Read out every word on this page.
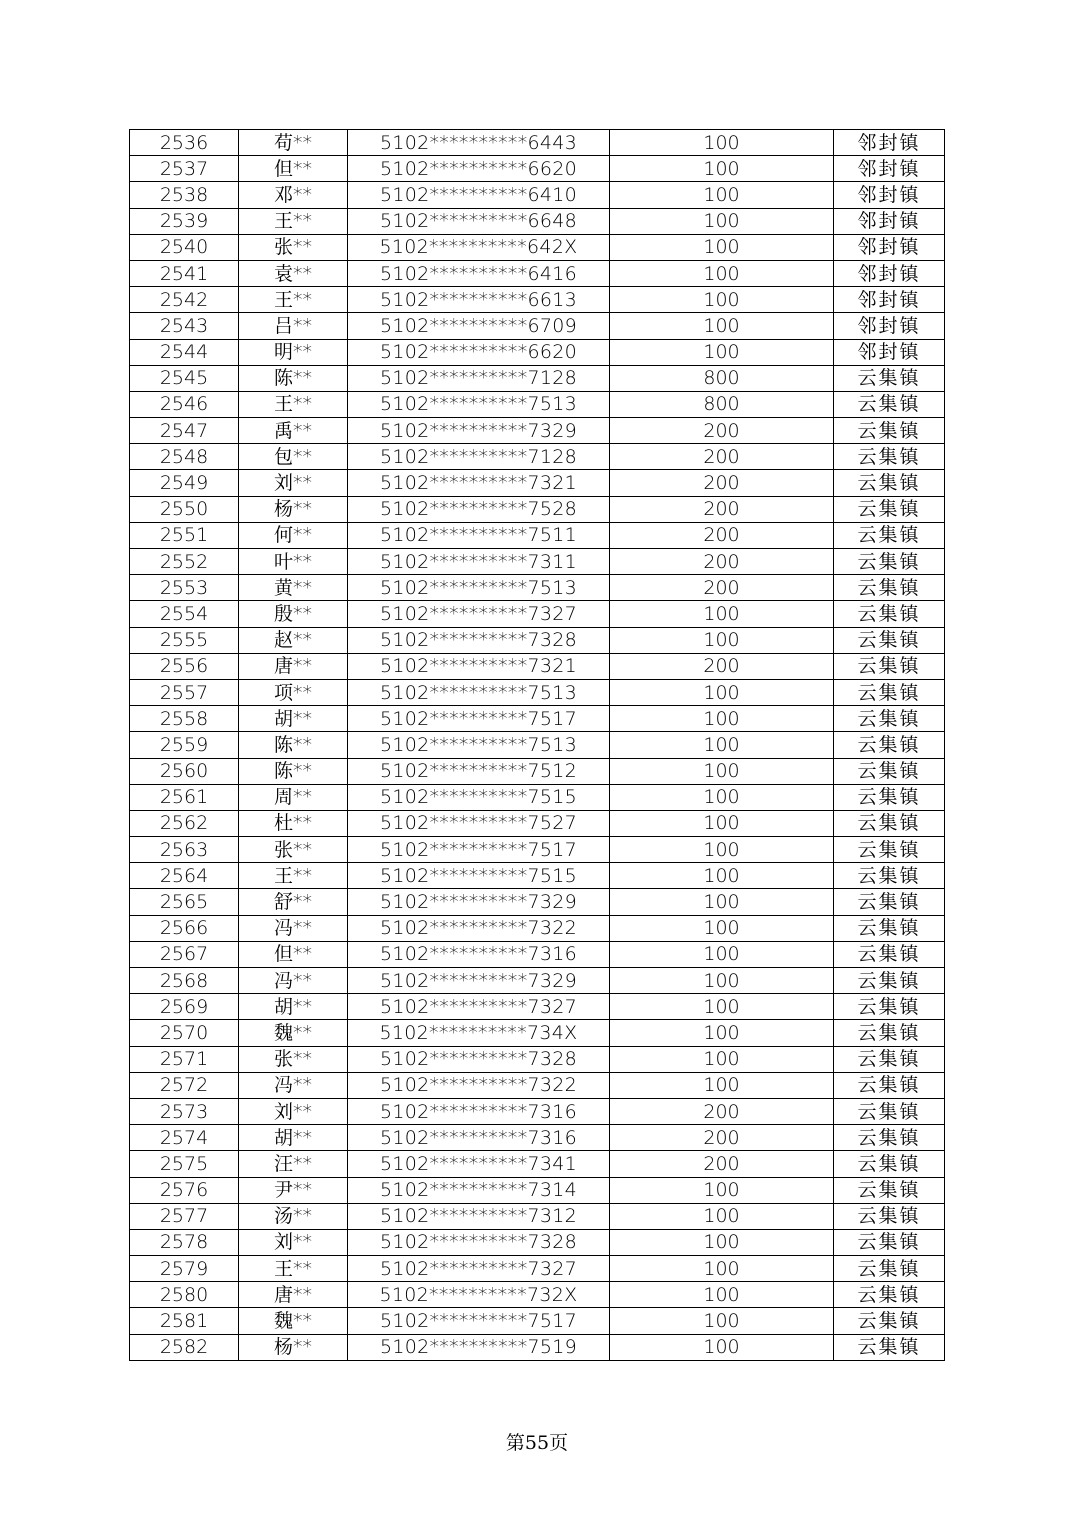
2536	苟**	5102**********6443	100	邻封镇
2537	但**	5102**********6620	100	邻封镇
2538	邓**	5102**********6410	100	邻封镇
2539	王**	5102**********6648	100	邻封镇
2540	张**	5102**********642X	100	邻封镇
2541	袁**	5102**********6416	100	邻封镇
2542	王**	5102**********6613	100	邻封镇
2543	吕**	5102**********6709	100	邻封镇
2544	明**	5102**********6620	100	邻封镇
2545	陈**	5102**********7128	800	云集镇
2546	王**	5102**********7513	800	云集镇
2547	禹**	5102**********7329	200	云集镇
2548	包**	5102**********7128	200	云集镇
2549	刘**	5102**********7321	200	云集镇
2550	杨**	5102**********7528	200	云集镇
2551	何**	5102**********7511	200	云集镇
2552	叶**	5102**********7311	200	云集镇
2553	黄**	5102**********7513	200	云集镇
2554	殷**	5102**********7327	100	云集镇
2555	赵**	5102**********7328	100	云集镇
2556	唐**	5102**********7321	200	云集镇
2557	项**	5102**********7513	100	云集镇
2558	胡**	5102**********7517	100	云集镇
2559	陈**	5102**********7513	100	云集镇
2560	陈**	5102**********7512	100	云集镇
2561	周**	5102**********7515	100	云集镇
2562	杜**	5102**********7527	100	云集镇
2563	张**	5102**********7517	100	云集镇
2564	王**	5102**********7515	100	云集镇
2565	舒**	5102**********7329	100	云集镇
2566	冯**	5102**********7322	100	云集镇
2567	但**	5102**********7316	100	云集镇
2568	冯**	5102**********7329	100	云集镇
2569	胡**	5102**********7327	100	云集镇
2570	魏**	5102**********734X	100	云集镇
2571	张**	5102**********7328	100	云集镇
2572	冯**	5102**********7322	100	云集镇
2573	刘**	5102**********7316	200	云集镇
2574	胡**	5102**********7316	200	云集镇
2575	汪**	5102**********7341	200	云集镇
2576	尹**	5102**********7314	100	云集镇
2577	汤**	5102**********7312	100	云集镇
2578	刘**	5102**********7328	100	云集镇
2579	王**	5102**********7327	100	云集镇
2580	唐**	5102**********732X	100	云集镇
2581	魏**	5102**********7517	100	云集镇
2582	杨**	5102**********7519	100	云集镇
第55页
